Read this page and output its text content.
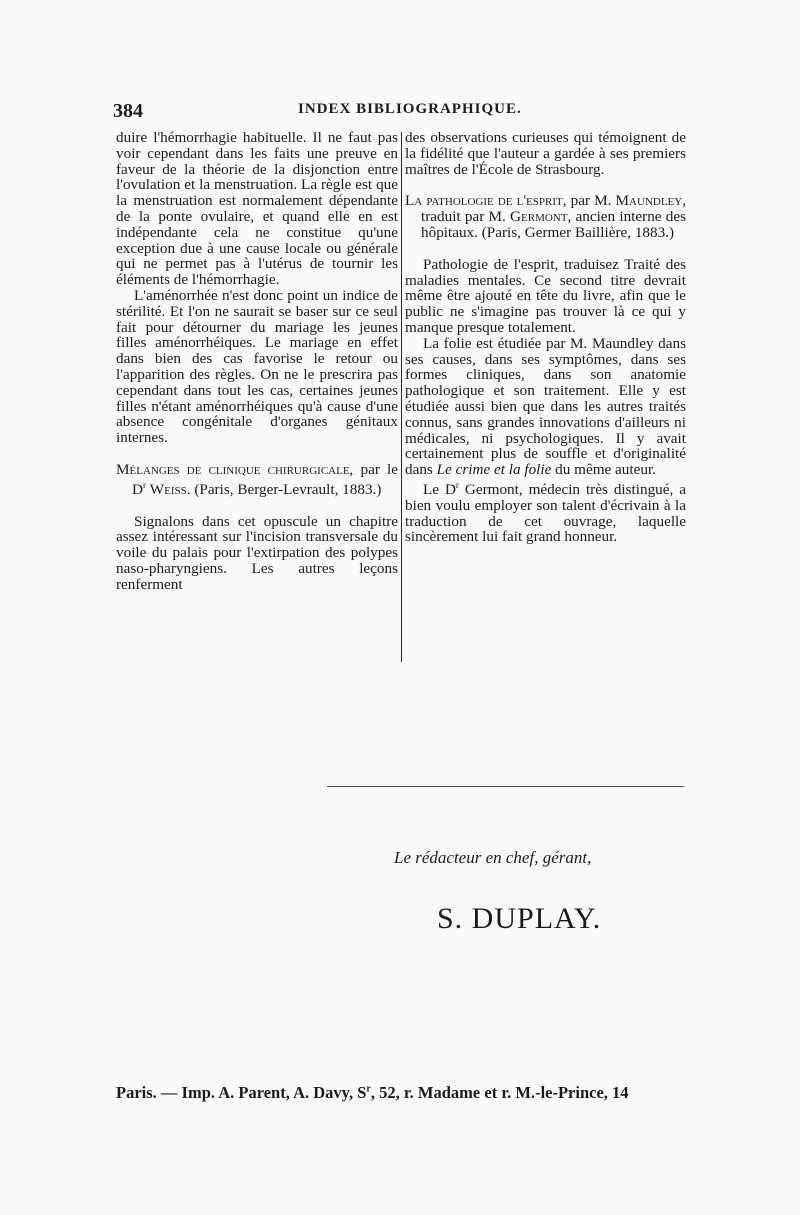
384	INDEX BIBLIOGRAPHIQUE.

duire l'hémorrhagie habituelle. Il ne faut pas voir cependant dans les faits une preuve en faveur de la théorie de la disjonction entre l'ovulation et la menstruation. La règle est que la menstruation est normalement dépendante de la ponte ovulaire, et quand elle en est indépendante cela ne constitue qu'une exception due à une cause locale ou générale qui ne permet pas à l'utérus de tournir les éléments de l'hémorrhagie.

L'aménorrhée n'est donc point un indice de stérilité. Et l'on ne saurait se baser sur ce seul fait pour détourner du mariage les jeunes filles aménorrhéiques. Le mariage en effet dans bien des cas favorise le retour ou l'apparition des règles. On ne le prescrira pas cependant dans tout les cas, certaines jeunes filles n'étant aménorrhéiques qu'à cause d'une absence congénitale d'organes génitaux internes.

Mélanges de clinique chirurgicale, par le $D^r$ Weiss. (Paris, Berger-Levrault, 1883.)

Signalons dans cet opuscule un chapitre assez intéressant sur l'incision transversale du voile du palais pour l'extirpation des polypes naso-pharyngiens. Les autres leçons renferment

des observations curieuses qui témoignent de la fidélité que l'auteur a gardée à ses premiers maîtres de l'École de Strasbourg.

La pathologie de l'esprit, par M. Maundley, traduit par M. Germont, ancien interne des hôpitaux. (Paris, Germer Baillière, 1883.)

Pathologie de l'esprit, traduisez Traité des maladies mentales. Ce second titre devrait même être ajouté en tête du livre, afin que le public ne s'imagine pas trouver là ce qui y manque presque totalement.

La folie est étudiée par M. Maundley dans ses causes, dans ses symptômes, dans ses formes cliniques, dans son anatomie pathologique et son traitement. Elle y est étudiée aussi bien que dans les autres traités connus, sans grandes innovations d'ailleurs ni médicales, ni psychologiques. Il y avait certainement plus de souffle et d'originalité dans Le crime et la folie du même auteur.

Le $D^r$ Germont, médecin très distingué, a bien voulu employer son talent d'écrivain à la traduction de cet ouvrage, laquelle sincèrement lui fait grand honneur.

Le rédacteur en chef, gérant,
S. DUPLAY.
Paris. — Imp. A. Parent, A. Davy, $S^r$, 52, r. Madame et r. M.-le-Prince, 14
